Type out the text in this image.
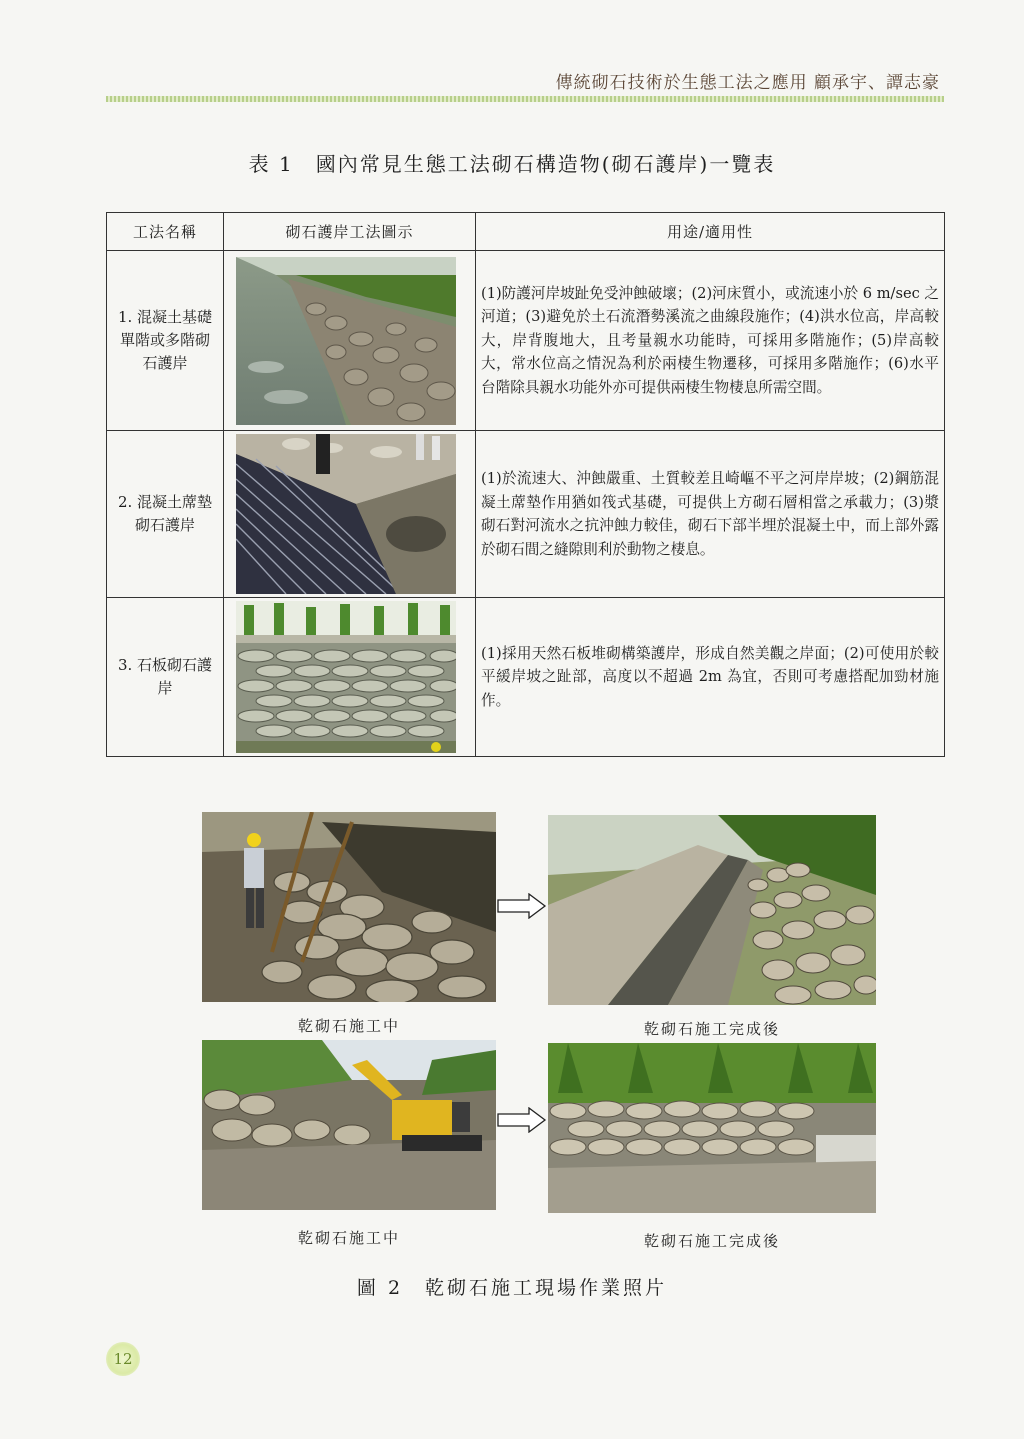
傳統砌石技術於生態工法之應用 顧承宇、譚志豪
表 1　國內常見生態工法砌石構造物(砌石護岸)一覽表
工法名稱	砌石護岸工法圖示	用途/適用性
1. 混凝土基礎單階或多階砌石護岸		(1)防護河岸坡趾免受沖蝕破壞；(2)河床質小，或流速小於 6 m/sec 之河道；(3)避免於土石流潛勢溪流之曲線段施作；(4)洪水位高，岸高較大，岸背腹地大，且考量親水功能時，可採用多階施作；(5)岸高較大，常水位高之情況為利於兩棲生物遷移，可採用多階施作；(6)水平台階除具親水功能外亦可提供兩棲生物棲息所需空間。
2. 混凝土蓆墊砌石護岸		(1)於流速大、沖蝕嚴重、土質較差且崎嶇不平之河岸岸坡；(2)鋼筋混凝土蓆墊作用猶如筏式基礎，可提供上方砌石層相當之承載力；(3)漿砌石對河流水之抗沖蝕力較佳，砌石下部半埋於混凝土中，而上部外露於砌石間之縫隙則利於動物之棲息。
3. 石板砌石護岸		(1)採用天然石板堆砌構築護岸，形成自然美觀之岸面；(2)可使用於較平緩岸坡之趾部，高度以不超過 2m 為宜，否則可考慮搭配加勁材施作。
乾砌石施工中	乾砌石施工完成後
乾砌石施工中	乾砌石施工完成後
圖 2　乾砌石施工現場作業照片
12
